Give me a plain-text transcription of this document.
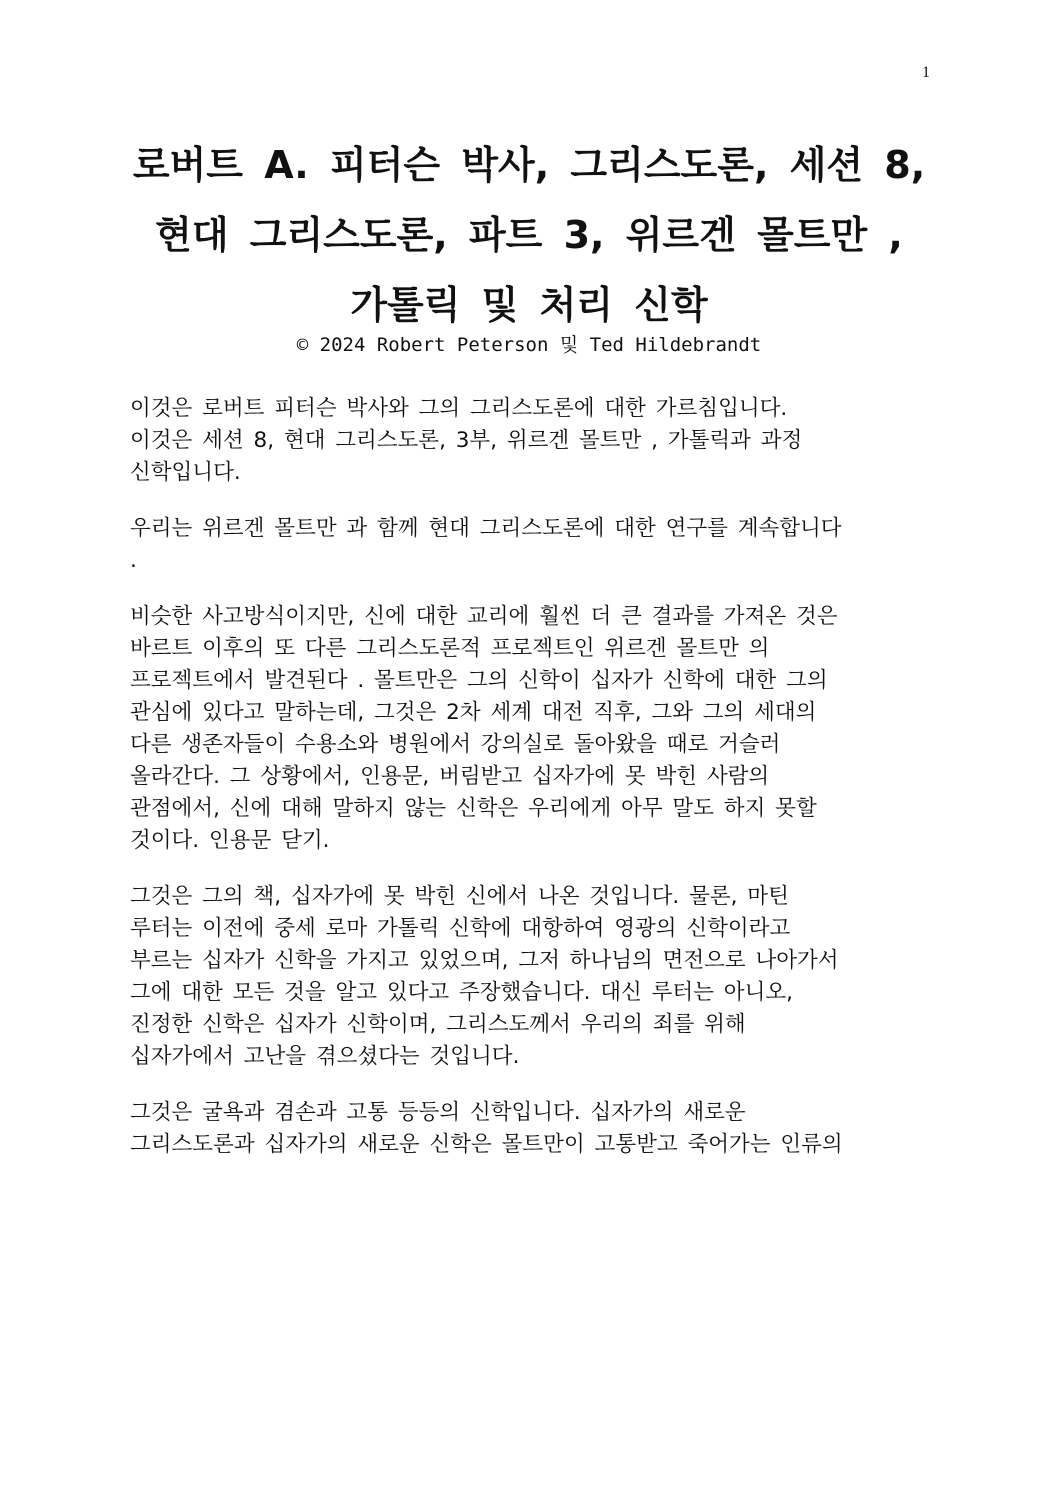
1
로버트 A. 피터슨 박사, 그리스도론, 세션 8,
현대 그리스도론, 파트 3, 위르겐 몰트만 ,
가톨릭 및 처리 신학
© 2024 Robert Peterson 및 Ted Hildebrandt
이것은 로버트 피터슨 박사와 그의 그리스도론에 대한 가르침입니다.
이것은 세션 8, 현대 그리스도론, 3부, 위르겐 몰트만 , 가톨릭과 과정
신학입니다.
우리는 위르겐 몰트만 과 함께 현대 그리스도론에 대한 연구를 계속합니다
.
비슷한 사고방식이지만, 신에 대한 교리에 훨씬 더 큰 결과를 가져온 것은
바르트 이후의 또 다른 그리스도론적 프로젝트인 위르겐 몰트만 의
프로젝트에서 발견된다 . 몰트만은 그의 신학이 십자가 신학에 대한 그의
관심에 있다고 말하는데, 그것은 2차 세계 대전 직후, 그와 그의 세대의
다른 생존자들이 수용소와 병원에서 강의실로 돌아왔을 때로 거슬러
올라간다. 그 상황에서, 인용문, 버림받고 십자가에 못 박힌 사람의
관점에서, 신에 대해 말하지 않는 신학은 우리에게 아무 말도 하지 못할
것이다. 인용문 닫기.
그것은 그의 책, 십자가에 못 박힌 신에서 나온 것입니다. 물론, 마틴
루터는 이전에 중세 로마 가톨릭 신학에 대항하여 영광의 신학이라고
부르는 십자가 신학을 가지고 있었으며, 그저 하나님의 면전으로 나아가서
그에 대한 모든 것을 알고 있다고 주장했습니다. 대신 루터는 아니오,
진정한 신학은 십자가 신학이며, 그리스도께서 우리의 죄를 위해
십자가에서 고난을 겪으셨다는 것입니다.
그것은 굴욕과 겸손과 고통 등등의 신학입니다. 십자가의 새로운
그리스도론과 십자가의 새로운 신학은 몰트만이 고통받고 죽어가는 인류의
